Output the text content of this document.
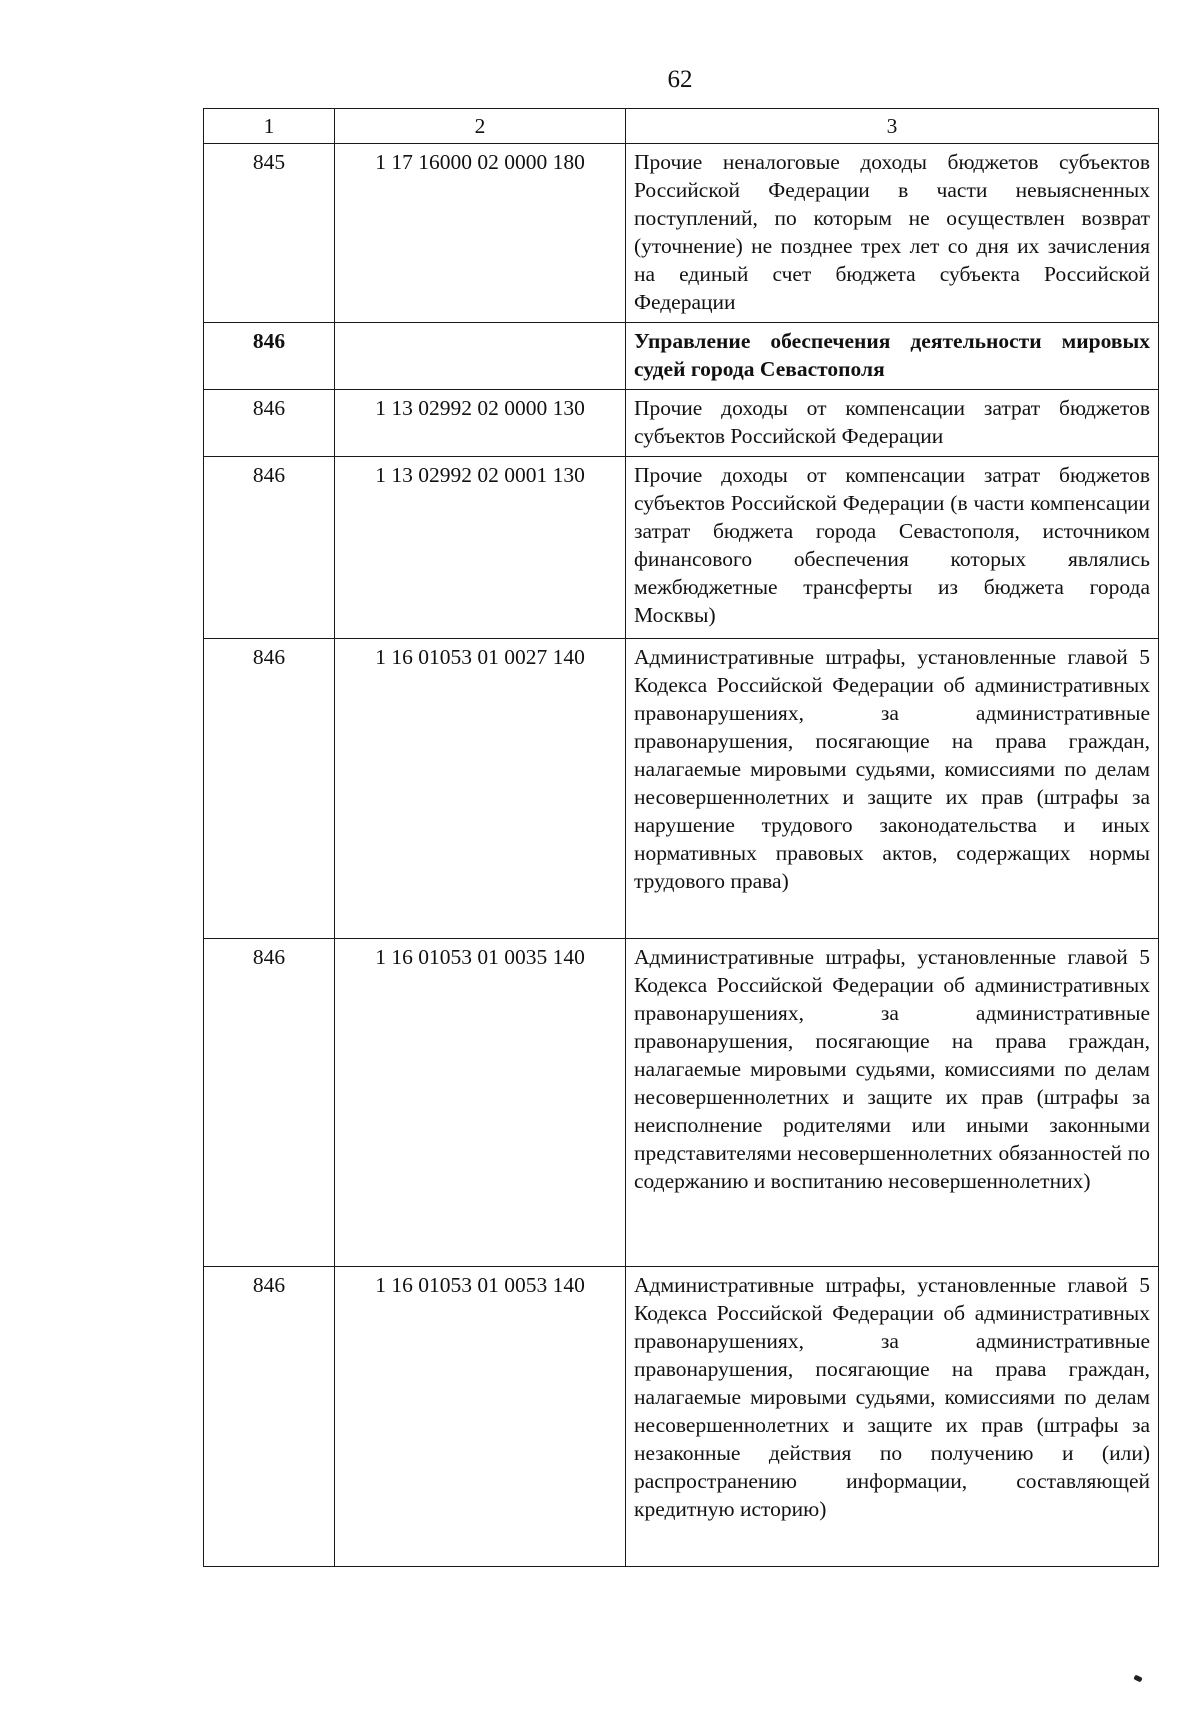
62
1	2	3
845	1 17 16000 02 0000 180	Прочие неналоговые доходы бюджетов субъектов Российской Федерации в части невыясненных поступлений, по которым не осуществлен возврат (уточнение) не позднее трех лет со дня их зачисления на единый счет бюджета субъекта Российской Федерации
846		Управление обеспечения деятельности мировых судей города Севастополя
846	1 13 02992 02 0000 130	Прочие доходы от компенсации затрат бюджетов субъектов Российской Федерации
846	1 13 02992 02 0001 130	Прочие доходы от компенсации затрат бюджетов субъектов Российской Федерации (в части компенсации затрат бюджета города Севастополя, источником финансового обеспечения которых являлись межбюджетные трансферты из бюджета города Москвы)
846	1 16 01053 01 0027 140	Административные штрафы, установленные главой 5 Кодекса Российской Федерации об административных правонарушениях, за административные правонарушения, посягающие на права граждан, налагаемые мировыми судьями, комиссиями по делам несовершеннолетних и защите их прав (штрафы за нарушение трудового законодательства и иных нормативных правовых актов, содержащих нормы трудового права)
846	1 16 01053 01 0035 140	Административные штрафы, установленные главой 5 Кодекса Российской Федерации об административных правонарушениях, за административные правонарушения, посягающие на права граждан, налагаемые мировыми судьями, комиссиями по делам несовершеннолетних и защите их прав (штрафы за неисполнение родителями или иными законными представителями несовершеннолетних обязанностей по содержанию и воспитанию несовершеннолетних)
846	1 16 01053 01 0053 140	Административные штрафы, установленные главой 5 Кодекса Российской Федерации об административных правонарушениях, за административные правонарушения, посягающие на права граждан, налагаемые мировыми судьями, комиссиями по делам несовершеннолетних и защите их прав (штрафы за незаконные действия по получению и (или) распространению информации, составляющей кредитную историю)
